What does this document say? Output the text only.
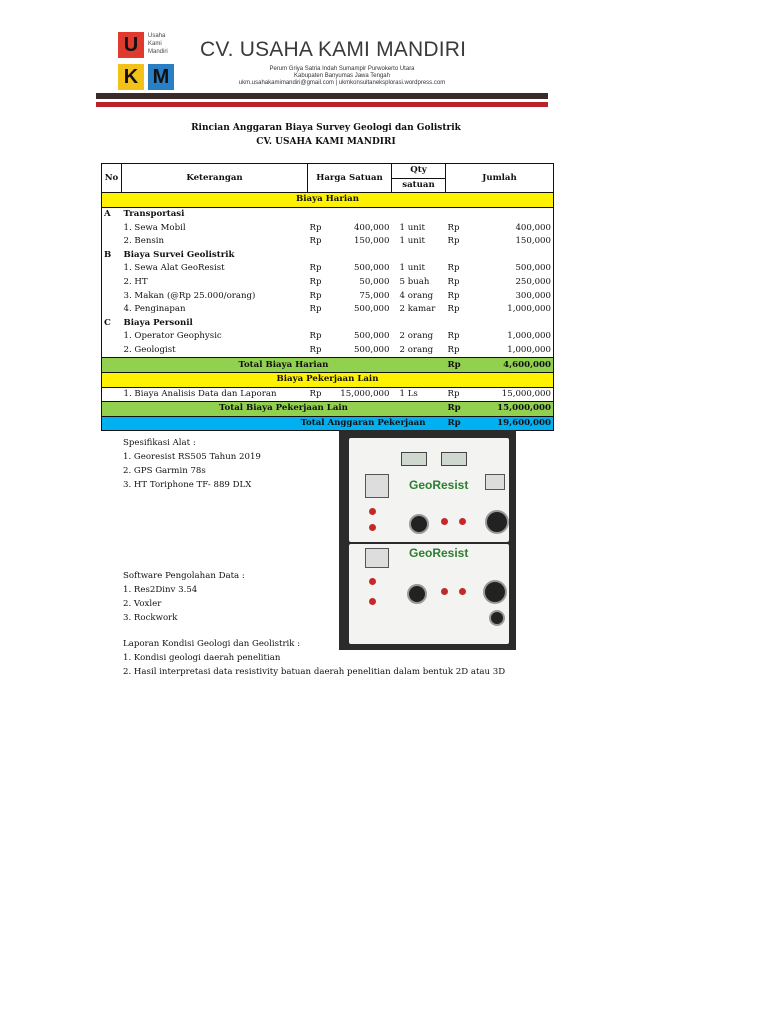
U	Usaha
Kami
Mandiri
K M
CV. USAHA KAMI MANDIRI
Perum Griya Satria Indah Sumampir Purwokerto Utara
Kabupaten Banyumas Jawa Tengah
ukm.usahakamimandiri@gmail.com | ukmkonsultaneksplorasi.wordpress.com
Rincian Anggaran Biaya Survey Geologi dan Golistrik
CV. USAHA KAMI MANDIRI
No	Keterangan	Harga Satuan		Qty	Jumlah	
				satuan		
Biaya Harian						
A	Transportasi					
	1. Sewa Mobil	Rp	400,000	1 unit	Rp	400,000
	2. Bensin	Rp	150,000	1 unit	Rp	150,000
B	Biaya Survei Geolistrik					
	1. Sewa Alat GeoResist	Rp	500,000	1 unit	Rp	500,000
	2. HT	Rp	50,000	5 buah	Rp	250,000
	3. Makan (@Rp 25.000/orang)	Rp	75,000	4 orang	Rp	300,000
	4. Penginapan	Rp	500,000	2 kamar	Rp	1,000,000
C	Biaya Personil					
	1. Operator Geophysic	Rp	500,000	2 orang	Rp	1,000,000
	2. Geologist	Rp	500,000	2 orang	Rp	1,000,000
	Total Biaya Harian				Rp	4,600,000
Biaya Pekerjaan Lain						
	1. Biaya Analisis Data dan Laporan	Rp	15,000,000	1 Ls	Rp	15,000,000
	Total Biaya Pekerjaan Lain				Rp	15,000,000
	Total Anggaran Pekerjaan				Rp	19,600,000
Spesifikasi Alat :
1. Georesist RS505 Tahun 2019
2. GPS Garmin 78s
3. HT Toriphone TF- 889 DLX
Software Pengolahan Data :
1. Res2Dinv 3.54
2. Voxler
3. Rockwork
Laporan Kondisi Geologi dan Geolistrik :
1. Kondisi geologi daerah penelitian
2. Hasil interpretasi data resistivity batuan daerah penelitian dalam bentuk 2D atau 3D
GeoResist
GeoResist
